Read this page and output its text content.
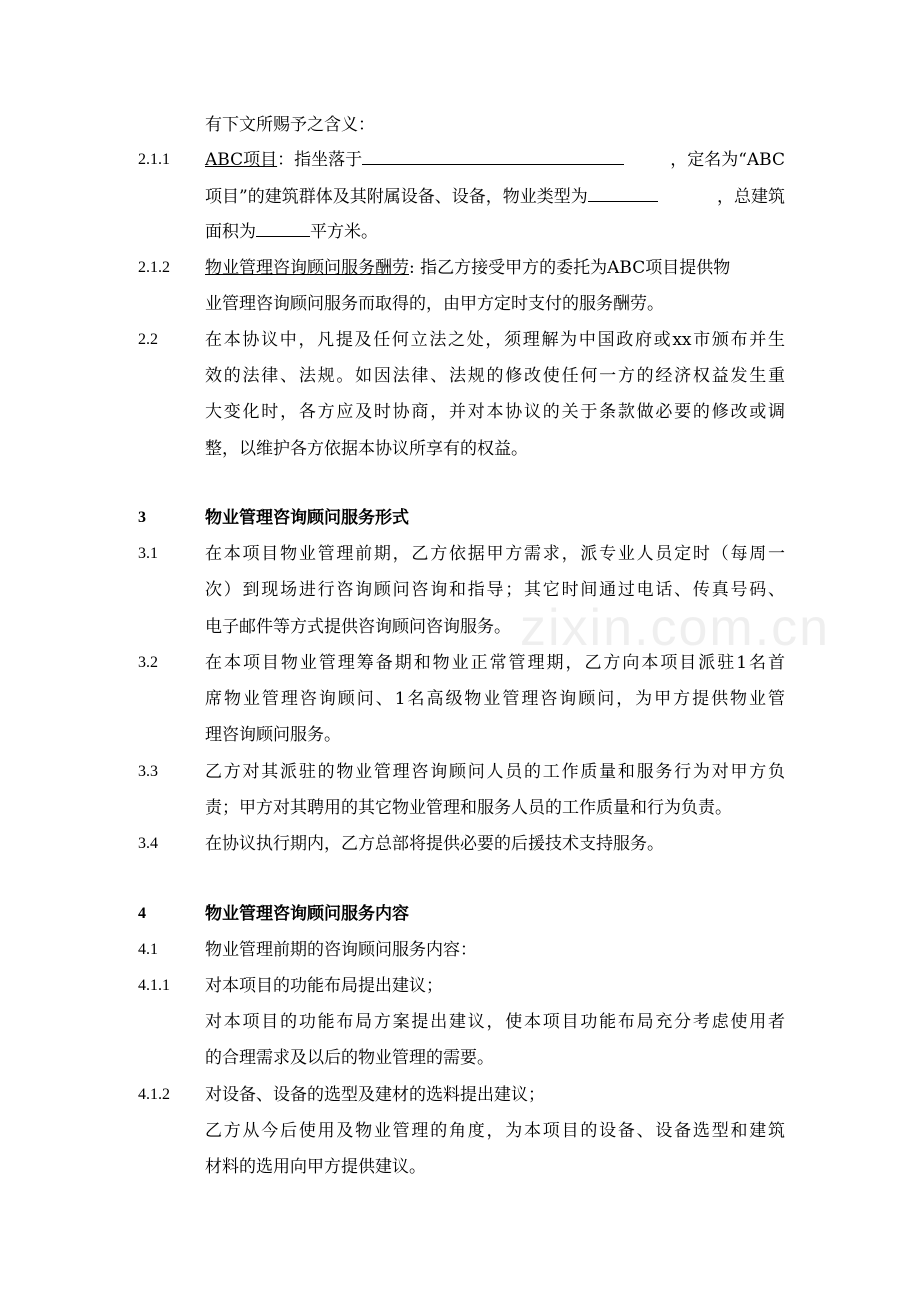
有下文所赐予之含义：
2.1.1 ABC项目：指坐落于	，定名为“ABC
项目”的建筑群体及其附属设备、设备，物业类型为	，总建筑
面积为	平方米。
2.1.2 物业管理咨询顾问服务酬劳: 指乙方接受甲方的委托为ABC项目提供物
业管理咨询顾问服务而取得的，由甲方定时支付的服务酬劳。
2.2	在本协议中，凡提及任何立法之处，须理解为中国政府或xx市颁布并生
效的法律、法规。如因法律、法规的修改使任何一方的经济权益发生重
大变化时，各方应及时协商，并对本协议的关于条款做必要的修改或调
整，以维护各方依据本协议所享有的权益。
3	物业管理咨询顾问服务形式
3.1	在本项目物业管理前期，乙方依据甲方需求，派专业人员定时（每周一
次）到现场进行咨询顾问咨询和指导；其它时间通过电话、传真号码、
电子邮件等方式提供咨询顾问咨询服务。
3.2	在本项目物业管理筹备期和物业正常管理期，乙方向本项目派驻1名首
席物业管理咨询顾问、1名高级物业管理咨询顾问，为甲方提供物业管
理咨询顾问服务。
3.3	乙方对其派驻的物业管理咨询顾问人员的工作质量和服务行为对甲方负
责；甲方对其聘用的其它物业管理和服务人员的工作质量和行为负责。
3.4	在协议执行期内，乙方总部将提供必要的后援技术支持服务。
4	物业管理咨询顾问服务内容
4.1	物业管理前期的咨询顾问服务内容：
4.1.1 对本项目的功能布局提出建议；
对本项目的功能布局方案提出建议，使本项目功能布局充分考虑使用者
的合理需求及以后的物业管理的需要。
4.1.2 对设备、设备的选型及建材的选料提出建议；
乙方从今后使用及物业管理的角度，为本项目的设备、设备选型和建筑
材料的选用向甲方提供建议。
zixin.com.cn
